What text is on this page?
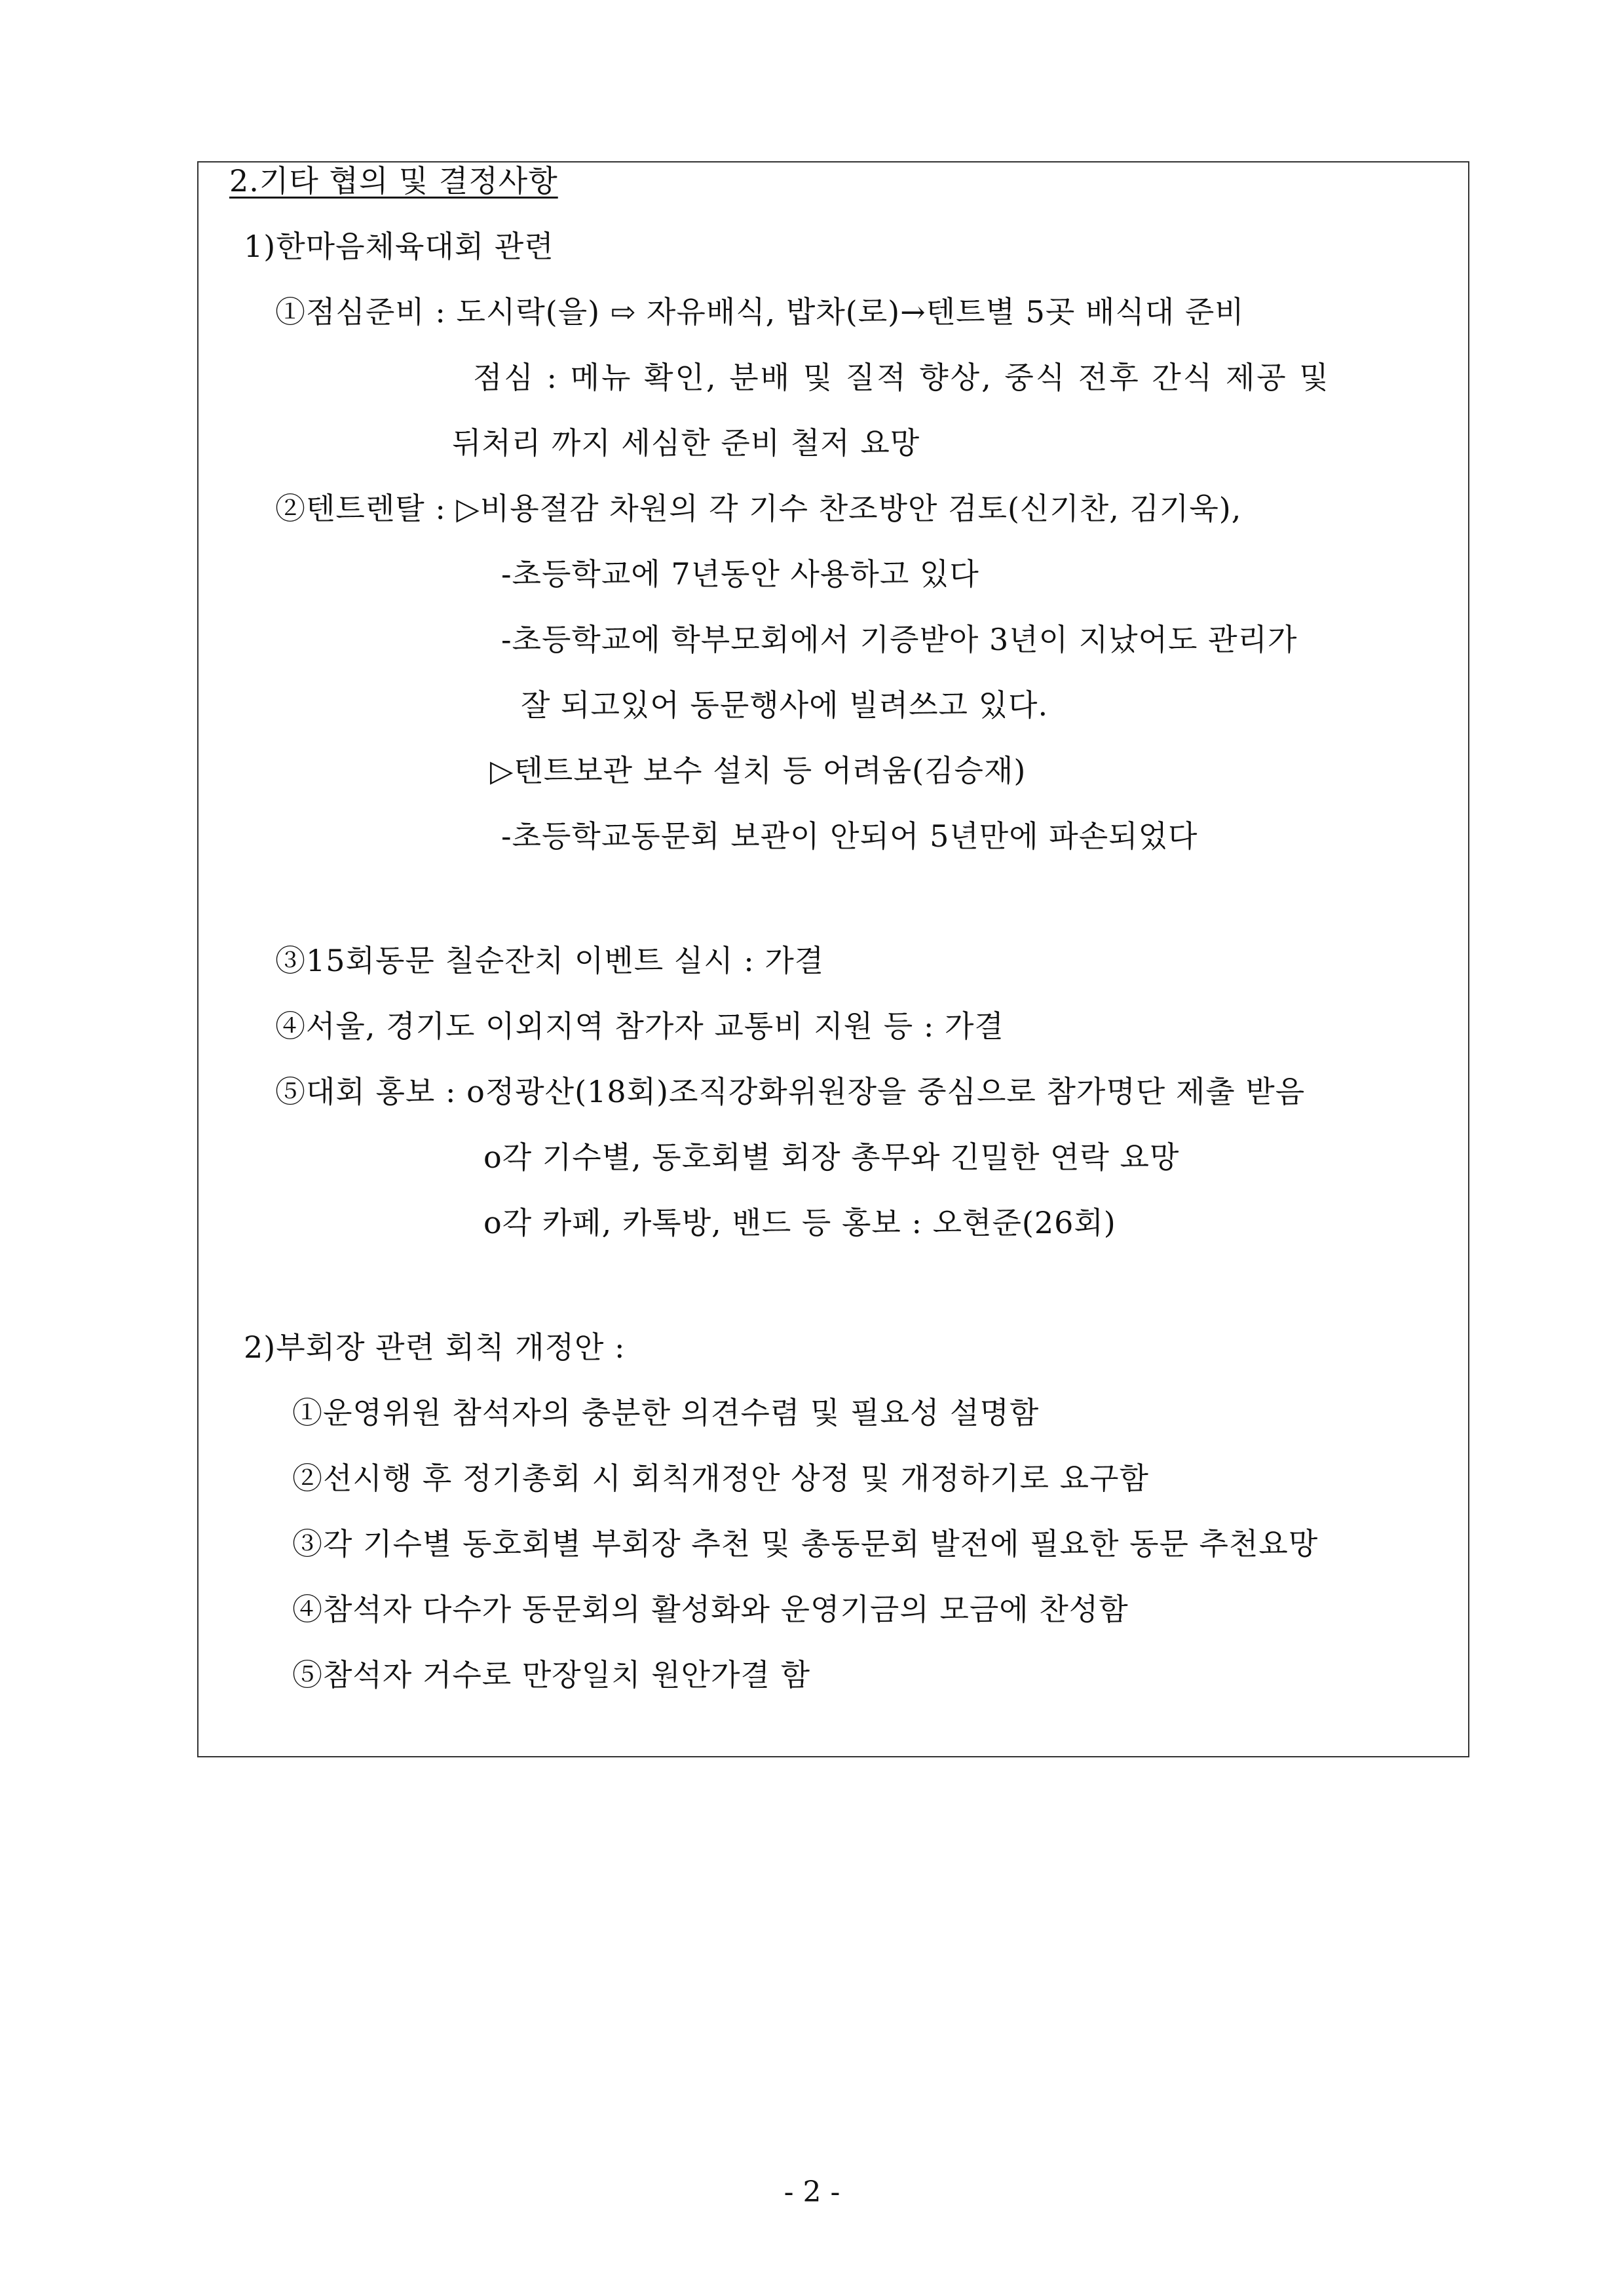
2.기타 협의 및 결정사항

1)한마음체육대회 관련

①점심준비 : 도시락(을) ⇨ 자유배식, 밥차(로)→텐트별 5곳 배식대 준비

점심 : 메뉴 확인, 분배 및 질적 향상, 중식 전후 간식 제공 및

뒤처리 까지 세심한 준비 철저 요망

②텐트렌탈 : ▷비용절감 차원의 각 기수 찬조방안 검토(신기찬, 김기욱),

-초등학교에 7년동안 사용하고 있다

-초등학교에 학부모회에서 기증받아 3년이 지났어도 관리가

잘 되고있어 동문행사에 빌려쓰고 있다.

▷텐트보관 보수 설치 등 어려움(김승재)

-초등학교동문회 보관이 안되어 5년만에 파손되었다

③15회동문 칠순잔치 이벤트 실시 : 가결

④서울, 경기도 이외지역 참가자 교통비 지원 등 : 가결

⑤대회 홍보 : o정광산(18회)조직강화위원장을 중심으로 참가명단 제출 받음

o각 기수별, 동호회별 회장 총무와 긴밀한 연락 요망

o각 카페, 카톡방, 밴드 등 홍보 : 오현준(26회)

2)부회장 관련 회칙 개정안 :

①운영위원 참석자의 충분한 의견수렴 및 필요성 설명함

②선시행 후 정기총회 시 회칙개정안 상정 및 개정하기로 요구함

③각 기수별 동호회별 부회장 추천 및 총동문회 발전에 필요한 동문 추천요망

④참석자 다수가 동문회의 활성화와 운영기금의 모금에 찬성함

⑤참석자 거수로 만장일치 원안가결 함

- 2 -
